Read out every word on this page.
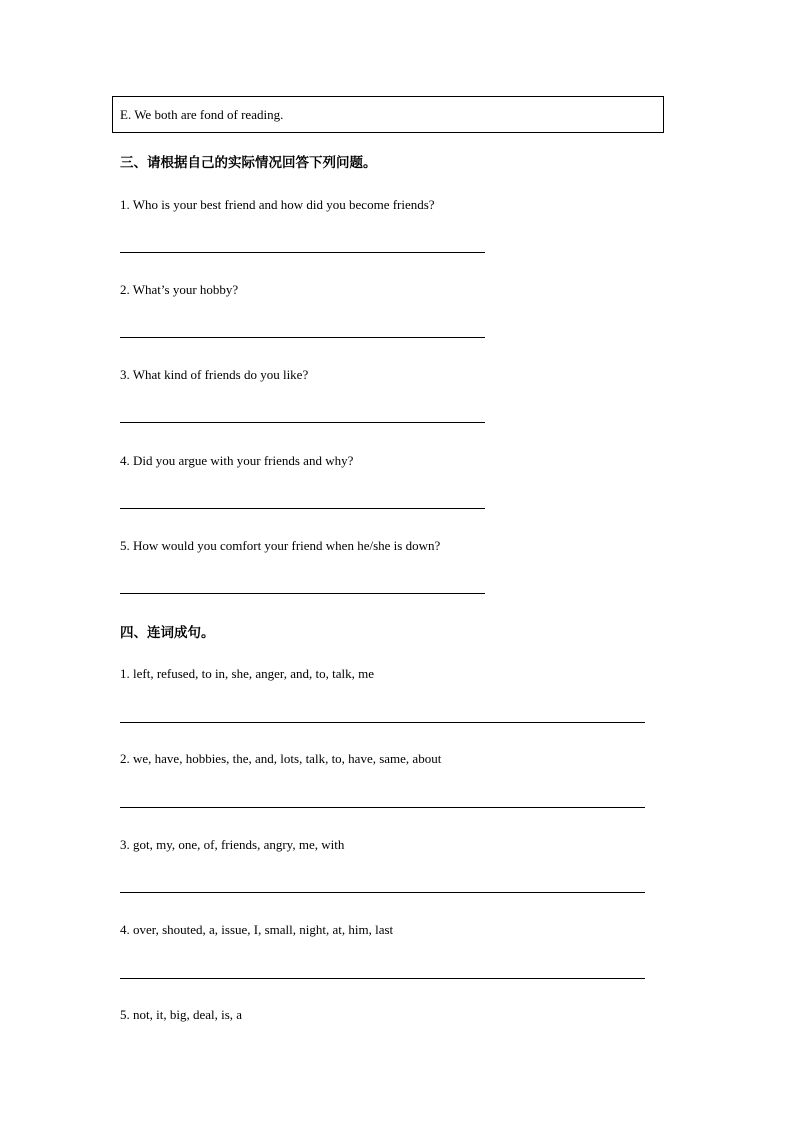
E. We both are fond of reading.
三、请根据自己的实际情况回答下列问题。
1. Who is your best friend and how did you become friends?
2. What’s your hobby?
3. What kind of friends do you like?
4. Did you argue with your friends and why?
5. How would you comfort your friend when he/she is down?
四、连词成句。
1. left, refused, to in, she, anger, and, to, talk, me
2. we, have, hobbies, the, and, lots, talk, to, have, same, about
3. got, my, one, of, friends, angry, me, with
4. over, shouted, a, issue, I, small, night, at, him, last
5. not, it, big, deal, is, a
